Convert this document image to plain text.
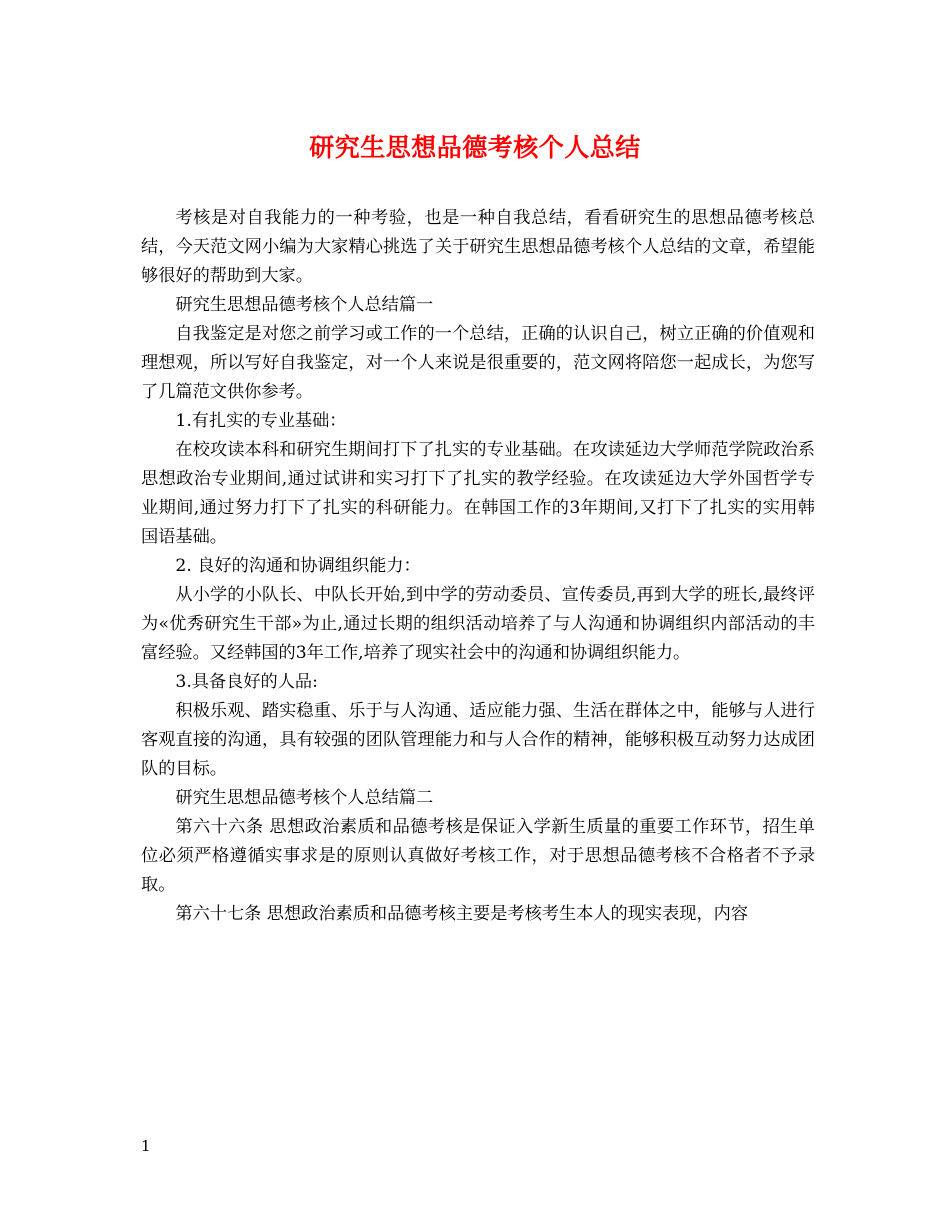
研究生思想品德考核个人总结

考核是对自我能力的一种考验，也是一种自我总结，看看研究生的思想品德考核总结，今天范文网小编为大家精心挑选了关于研究生思想品德考核个人总结的文章，希望能够很好的帮助到大家。

研究生思想品德考核个人总结篇一

自我鉴定是对您之前学习或工作的一个总结，正确的认识自己，树立正确的价值观和理想观，所以写好自我鉴定，对一个人来说是很重要的，范文网将陪您一起成长，为您写了几篇范文供你参考。

1.有扎实的专业基础：

在校攻读本科和研究生期间打下了扎实的专业基础。在攻读延边大学师范学院政治系思想政治专业期间,通过试讲和实习打下了扎实的教学经验。在攻读延边大学外国哲学专业期间,通过努力打下了扎实的科研能力。在韩国工作的3年期间,又打下了扎实的实用韩国语基础。

2. 良好的沟通和协调组织能力：

从小学的小队长、中队长开始,到中学的劳动委员、宣传委员,再到大学的班长,最终评为«优秀研究生干部»为止,通过长期的组织活动培养了与人沟通和协调组织内部活动的丰富经验。又经韩国的3年工作,培养了现实社会中的沟通和协调组织能力。

3.具备良好的人品:

积极乐观、踏实稳重、乐于与人沟通、适应能力强、生活在群体之中，能够与人进行客观直接的沟通，具有较强的团队管理能力和与人合作的精神，能够积极互动努力达成团队的目标。

研究生思想品德考核个人总结篇二

第六十六条 思想政治素质和品德考核是保证入学新生质量的重要工作环节，招生单位必须严格遵循实事求是的原则认真做好考核工作，对于思想品德考核不合格者不予录取。

第六十七条 思想政治素质和品德考核主要是考核考生本人的现实表现，内容

1
